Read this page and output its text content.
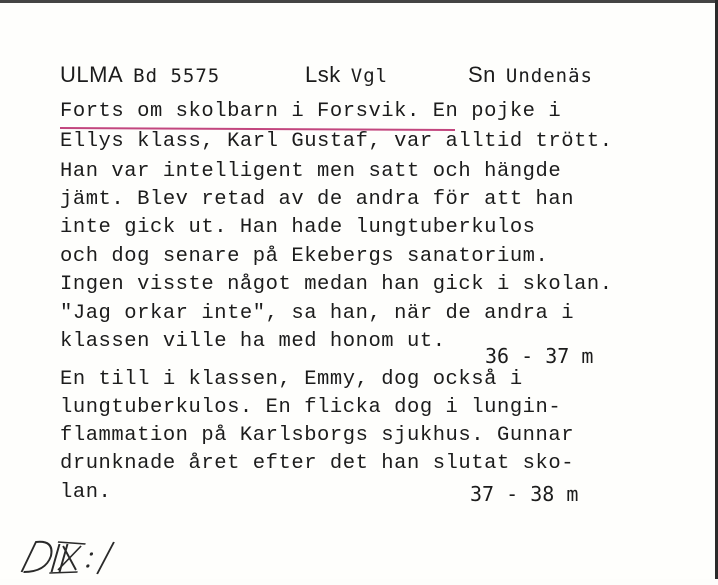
ULMA Bd 5575	Lsk Vgl	Sn Undenäs
Forts om skolbarn i Forsvik. En pojke i
Ellys klass, Karl Gustaf, var alltid trött.
Han var intelligent men satt och hängde
jämt. Blev retad av de andra för att han
inte gick ut. Han hade lungtuberkulos
och dog senare på Ekebergs sanatorium.
Ingen visste något medan han gick i skolan.
"Jag orkar inte", sa han, när de andra i
klassen ville ha med honom ut.
36 - 37 m
En till i klassen, Emmy, dog också i
lungtuberkulos. En flicka dog i lungin-
flammation på Karlsborgs sjukhus. Gunnar
drunknade året efter det han slutat sko-
lan.	37 - 38 m
